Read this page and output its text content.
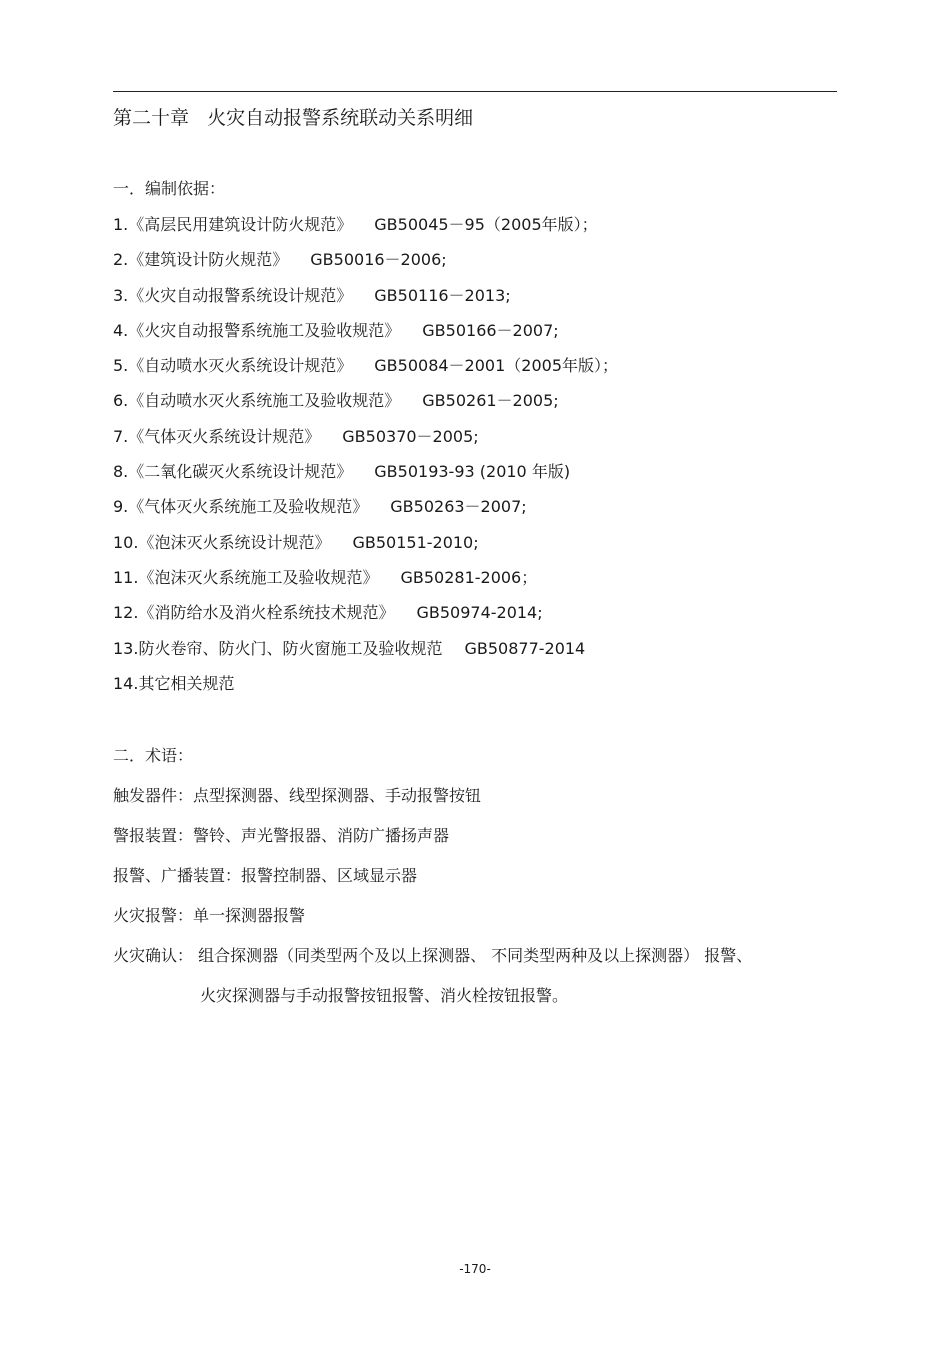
第二十章   火灾自动报警系统联动关系明细
一．编制依据：
1.《高层民用建筑设计防火规范》 GB50045－95（2005年版）；
2.《建筑设计防火规范》 GB50016－2006;
3.《火灾自动报警系统设计规范》 GB50116－2013;
4.《火灾自动报警系统施工及验收规范》 GB50166－2007;
5.《自动喷水灭火系统设计规范》 GB50084－2001（2005年版）；
6.《自动喷水灭火系统施工及验收规范》 GB50261－2005;
7.《气体灭火系统设计规范》 GB50370－2005;
8.《二氧化碳灭火系统设计规范》 GB50193-93 (2010 年版)
9.《气体灭火系统施工及验收规范》 GB50263－2007;
10.《泡沫灭火系统设计规范》 GB50151-2010;
11.《泡沫灭火系统施工及验收规范》 GB50281-2006；
12.《消防给水及消火栓系统技术规范》 GB50974-2014;
13.防火卷帘、防火门、防火窗施工及验收规范 GB50877-2014
14.其它相关规范
二．术语：
触发器件：点型探测器、线型探测器、手动报警按钮
警报装置：警铃、声光警报器、消防广播扬声器
报警、广播装置：报警控制器、区域显示器
火灾报警：单一探测器报警
火灾确认： 组合探测器（同类型两个及以上探测器、 不同类型两种及以上探测器） 报警、
火灾探测器与手动报警按钮报警、消火栓按钮报警。
-170-
